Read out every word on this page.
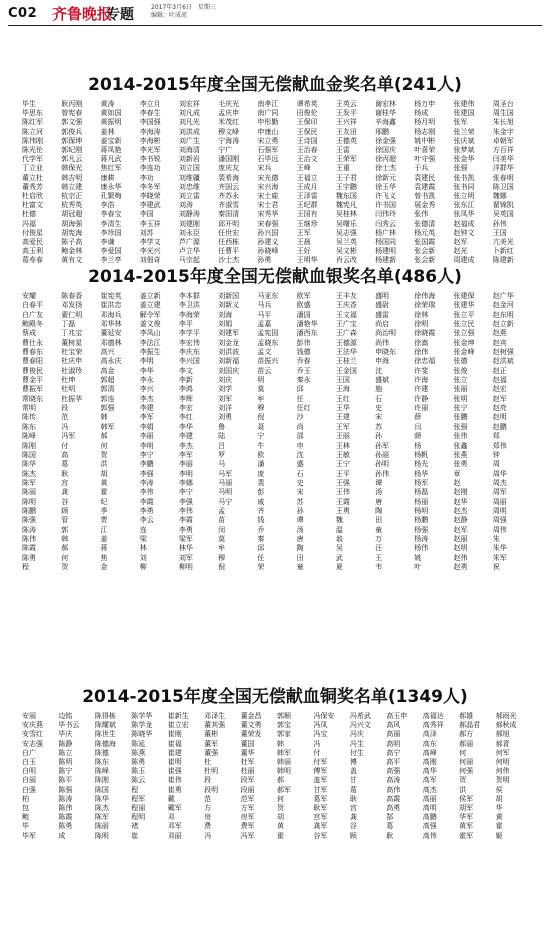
C02 齐鲁晚报
专题	2017年3月6日　星期三
编辑：叶成虎
2014-2015年度全国无偿献血金奖名单(241人)
毕生	耿丙刚	黄涛	李立月	刘宏祥	毛庆光	南孝江	谭希英	王英云	谢宏林	杨万申	张建伟	周圣台
毕思东	曾宪春	黄如国	李春生	刘凡成	孟庆申	南广同	田俊伦	王发平	谢桂华	杨成	张建国	周生国
陈红军	郭文强	黄振明	李国强	刘凡光	米茂红	申彤勤	王保印	王兴祥	辛海鑫	杨月明	张军	朱长旭
陈立河	郭俊兵	姜林	李海涛	刘洪成	穆文峰	申康山	王保民	王友田	邢鹏	杨志刚	张兰荣	朱金宇
陈伟刚	郭保坤	姜宝新	李海彬	刘广生	宁海涛	宋立勇	王诗国	王德英	徐金强	姚中彬	张庆斌	卓朝军
陈光伦	郭纪刚	蒋凤艳	李光军	刘海清	宁广	石强军	王治春	王雷	徐国庆	叶喜荣	张梦斌	方百祥
代学军	郭凡云	蒋凡武	李书锐	刘新岩	潘国刚	石毕远	王治文	王荣军	徐丙超	叶守强	张金华	闫美华
丁立业	韩保光	焦红军	李连功	刘立国	庞庆友	宋兵	王峰	王重	徐士杰	于兵	张强	洋群华
董立杜	韩吉明	康耕	李功	刘维疆	裴希海	宋光德	王福立	王子君	徐新元	袁建民	张书凯	张春明
董秀芳	韩立建	康永华	李冬军	刘忠维	齐国云	宋兴海	王成月	王宇鹏	徐玉华	袁建霞	张书同	陈卫国
杜启欣	杭宗正	孔繁梅	李晓荣	刘立雷	齐苏永	宋士雇	王泽雷	魏东国	许飞义	曾书凯	张立明	魏娜
杜富文	杭秀英	李浩	李建武	刘涛	齐淑雪	宋士君	王纪群	魏宪凡	许书国	展金秀	张东江	翟锦凯
杜德	胡冠超	李春宝	李国	刘静涛	秦国清	宋秀华	王国有	吴桂林	闫伟玲	张伟	张凤华	吴英国
冯福	胡海强	李清生	李玉祥	刘建刚	邱开明	宋春强	王继珍	吴曙乐	闫秀云	张德清	赵福成	孙伟
付俊星	胡宪海	李珍国	刘苏	刘永臣	任世宏	孙兴国	王军	吴志强	杨广林	杨元英	赵钟文	王国
高爱民	陈子高	李谦	李学文	芦广源	任西栋	孙建义	王晨	吴兰英	杨国同	张国霞	赵军	亢美光
高玉利	鲍金林	李爱国	李光兴	卢立华	任曹平	孙晓峰	王好	吴文彬	杨建明	张会新	赵光	卜新红
葛寿春	黄有文	李兰亭	刘佃奇	马宗起	沙士杰	孙勇	王明华	肖云改	杨建新	张会新	周建成	陈建新
2014-2015年度全国无偿献血银奖名单(486人)
安耀	陈春香	崔宪英	姜立新	李本群	刘新国	马亚东	欧军	王丰友	盛明	徐伟海	张建保	赵广华
白春平	邓发扬	崔洪忠	姜立建	李卫洪	刘新义	马兵	欧盛	王庆香	盛尉	徐荣瑞	张建华	赵金河
白广友	翟仁明	邓海兵	解令军	李海荣	刘海	马平	潘国	王文福	盛雷	徐林	张立平	赵东明
鲍殿冬	丁磊	邓华林	姜文俊	李平	刘娟	孟嘉	潘艳华	王广宝	尚启	徐明	张立民	赵立新
蔡成	丁兆宝	董延安	李凤山	李学平	刘建军	孟宪国	潘西东	王广森	尚治明	徐晓霞	张立强	赵燕
曹仕永	董树星	邓德林	李法江	李宏伟	刘金龙	孟晓东	彭伟	王德源	尚伟	徐嵩	张金坤	赵宾
曹春东	杜宝荣	高兴	李振生	李庆东	刘洪波	孟文	钱德	王法华	申晓东	徐伟	张金峰	赵树强
曹春阳	杜庆申	高永庆	李明	李兴国	刘新福	苗振兴	乔春	王桂兰	申海	徐忠福	张德	赵洪斌
曹俊民	杜淑珍	高金	李华	李文	刘国庆	苗云	乔玉	王金国	沈	许斐	张俊	赵正
曹金平	杜坤	郭超	李永	李新	刘庆	明	秦永	王国	盛斌	许海	张立	赵福
曹振军	杜明	郭清	李兴	李鸿	刘学	莫	邱	王海	施	许建	张丽	赵宏
常晓东	杜振华	郭连	李杰	李辉	刘军	牟	任	王红	石	许静	张明	赵军
常明	段	郭强	李建	李宏	刘洋	穆	任红	王华	史	许丽	张宁	赵亮
陈传	范	韩	李军	李红	刘勇	倪	沙	王建	宋	薛	张鹏	赵明
陈东	冯	韩军	李娟	李华	鲁	聂	尚	王军	苏	闫	张强	赵鹏
陈峰	冯军	郝	李丽	李建	陆	宁	邵	王丽	孙	颜	张伟	郑
陈刚	付	何	李明	李杰	吕	牛	申	王林	孙军	杨	张鑫	郑伟
陈国	高	贺	李宁	李军	罗	欧	沈	王敏	孙丽	杨帆	张燕	钟
陈华	葛	洪	李鹏	李丽	马	潘	盛	王宁	孙明	杨光	张勇	周
陈杰	耿	胡	李强	李明	马军	庞	石	王平	孙伟	杨华	章	周华
陈军	宫	黄	李涛	李娜	马丽	裴	史	王强	谭	杨军	赵	周杰
陈丽	龚	霍	李伟	李宁	马明	彭	宋	王伟	汤	杨磊	赵刚	周军
陈明	谷	纪	李霞	李强	马宁	戚	苏	王霞	唐	杨丽	赵华	周丽
陈鹏	顾	季	李勇	李伟	孟	齐	孙	王勇	陶	杨明	赵杰	周明
陈强	管	贾	李云	李霞	苗	钱	谭	魏	田	杨鹏	赵静	周强
陈涛	郭	江	连	李勇	闵	乔	汤	温	童	杨强	赵军	周伟
陈伟	韩	姜	梁	梁军	莫	秦	唐	翁	万	杨涛	赵丽	朱
陈霞	郝	蒋	林	林华	牟	邱	陶	吴	汪	杨伟	赵明	朱华
陈勇	何	焦	刘	刘军	穆	任	田	武	王	姚	赵伟	朱军
程	贺	金	柳	柳明	倪	荣	童	夏	韦	叶	赵勇	祝
2014-2015年度全国无偿献血铜奖名单(1349人)
安丽	边铭	陈得栋	陈学华	崔新生	邓泽生	董金昌	郭顺	冯保安	冯希武	高玉申	高福达	郝雄	郝雨光
安庆燕	毕书云	陈耀斌	陈学龙	崔立宏	董其强	董文勇	郭宝	冯凤	冯兴文	高风	高秀祥	郝晶君	郝秋成
安雪红	毕庆	陈世生	陈晓华	崔刚	董彬	董荣发	郭家	冯宝	冯庆	高丽	高泽	郝方	郝旭
安志强	陈静	陈德海	陈延	崔福	董军	董国	韩	冯	冯生	高明	高东	郝丽	郝青
白广	陈立	陈德	陈燕	崔建	董强	董华	韩军	付	付生	高宁	高峰	何	何军
白玉	陈明	陈东	陈勇	崔明	杜	杜军	韩丽	付军	傅	高平	高刚	何丽	何明
白明	陈宁	陈峰	陈玉	崔强	杜明	杜丽	韩明	傅军	盖	高强	高华	何强	何伟
白丽	陈平	陈刚	陈云	崔伟	段	段军	郝	盖军	甘	高涛	高军	贺	贺明
白强	陈强	陈国	程	崔勇	段明	段丽	郝军	甘军	葛	高伟	高杰	洪	侯
柏	陈涛	陈华	程军	戴	范	范军	何	葛军	耿	高霞	高丽	侯军	胡
包	陈伟	陈杰	程丽	戴军	方	方军	贺	耿军	宫	高勇	高明	胡军	华
鲍	陈霞	陈军	程明	邓	房	房军	胡	宫军	龚	郜	高鹏	华军	黄
毕	陈勇	陈丽	褚	邓军	费	费军	黄	龚军	谷	葛	高强	黄军	霍
毕军	成	陈明	崔	邓丽	冯	冯军	霍	谷军	顾	耿	高伟	霍军	姬
